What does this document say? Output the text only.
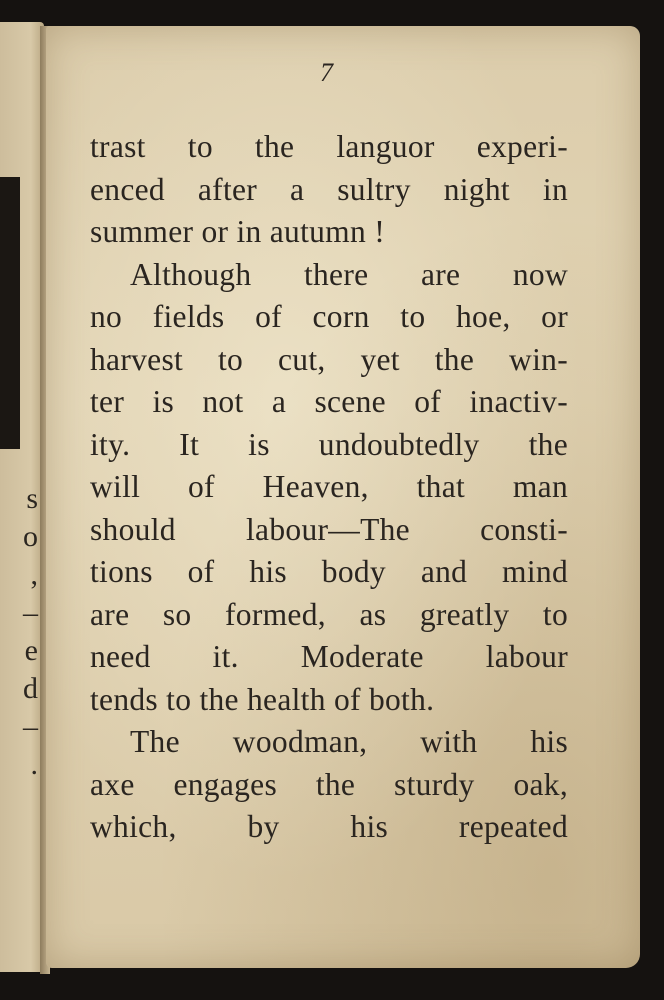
s
o
,
–
e
d
–
.
7
trast to the languor experi-
enced after a sultry night in
summer or in autumn !
Although there are now
no fields of corn to hoe, or
harvest to cut, yet the win-
ter is not a scene of inactiv-
ity. It is undoubtedly the
will of Heaven, that man
should labour—The consti-
tions of his body and mind
are so formed, as greatly to
need it. Moderate labour
tends to the health of both.
The woodman, with his
axe engages the sturdy oak,
which, by his repeated
